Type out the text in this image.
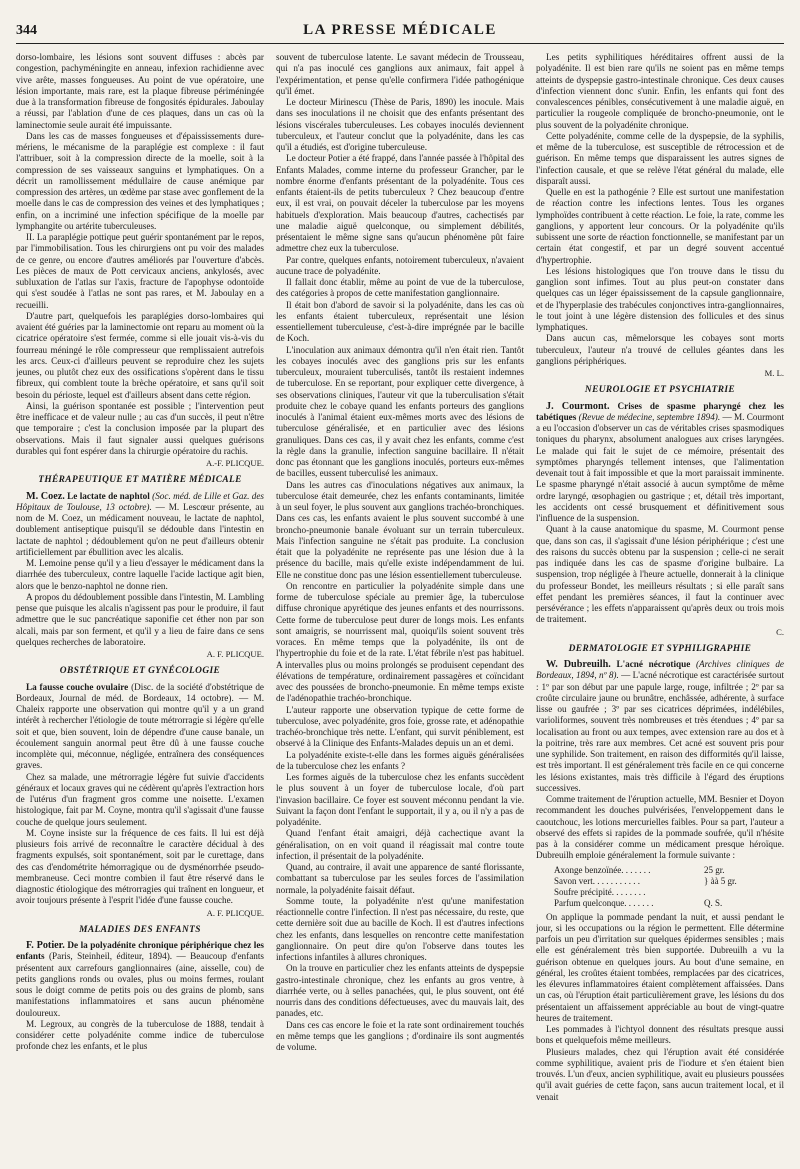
344	LA PRESSE MÉDICALE

dorso-lombaire, les lésions sont souvent diffuses : abcès par congestion, pachyméningite en anneau, infexion rachidienne avec vive arête, masses fongueuses. Au point de vue opératoire, une lésion importante, mais rare, est la plaque fibreuse périméningée due à la transformation fibreuse de fongosités épidurales. Jaboulay a réussi, par l'ablation d'une de ces plaques, dans un cas où la laminectomie seule aurait été impuissante.

Dans les cas de masses fongueuses et d'épaississements dure-mériens, le mécanisme de la paraplégie est complexe : il faut l'attribuer, soit à la compression directe de la moelle, soit à la compression de ses vaisseaux sanguins et lymphatiques. On a décrit un ramollissement médullaire de cause anémique par compression des artères, un œdème par stase avec gonflement de la moelle dans le cas de compression des veines et des lymphatiques ; enfin, on a incriminé une infection spécifique de la moelle par lymphangite ou artérite tuberculeuses.

II. La paraplégie pottique peut guérir spontanément par le repos, par l'immobilisation. Tous les chirurgiens ont pu voir des malades de ce genre, ou encore d'autres améliorés par l'ouverture d'abcès. Les pièces de maux de Pott cervicaux anciens, ankylosés, avec subluxation de l'atlas sur l'axis, fracture de l'apophyse odontoïde qui s'est soudée à l'atlas ne sont pas rares, et M. Jaboulay en a recueilli.

D'autre part, quelquefois les paraplégies dorso-lombaires qui avaient été guéries par la laminectomie ont reparu au moment où la cicatrice opératoire s'est fermée, comme si elle jouait vis-à-vis du fourreau méningé le rôle compresseur que remplissaient autrefois les arcs. Ceux-ci d'ailleurs peuvent se reproduire chez les sujets jeunes, ou plutôt chez eux des ossifications s'opèrent dans le tissu fibreux, qui comblent toute la brèche opératoire, et sans qu'il soit besoin du périoste, lequel est d'ailleurs absent dans cette région.

Ainsi, la guérison spontanée est possible ; l'intervention peut être inefficace et de valeur nulle ; au cas d'un succès, il peut n'être que temporaire ; c'est la conclusion imposée par la plupart des observations. Mais il faut signaler aussi quelques guérisons durables qui font espérer dans la chirurgie opératoire du rachis.

A.-F. PLICQUE.
THÉRAPEUTIQUE ET MATIÈRE MÉDICALE

M. Coez. Le lactate de naphtol (Soc. méd. de Lille et Gaz. des Hôpitaux de Toulouse, 13 octobre). — M. Lescœur présente, au nom de M. Coez, un médicament nouveau, le lactate de naphtol, doublement antiseptique puisqu'il se dédouble dans l'intestin en lactate de naphtol ; dédoublement qu'on ne peut d'ailleurs obtenir artificiellement par ébullition avec les alcalis.

M. Lemoine pense qu'il y a lieu d'essayer le médicament dans la diarrhée des tuberculeux, contre laquelle l'acide lactique agit bien, alors que le benzo-naphtol ne donne rien.

A propos du dédoublement possible dans l'intestin, M. Lambling pense que puisque les alcalis n'agissent pas pour le produire, il faut admettre que le suc pancréatique saponifie cet éther non par son alcali, mais par son ferment, et qu'il y a lieu de faire dans ce sens quelques recherches de laboratoire.

A. F. PLICQUE.
OBSTÉTRIQUE ET GYNÉCOLOGIE

La fausse couche ovulaire (Disc. de la société d'obstétrique de Bordeaux, Journal de méd. de Bordeaux, 14 octobre). — M. Chaleix rapporte une observation qui montre qu'il y a un grand intérêt à rechercher l'étiologie de toute métrorragie si légère qu'elle soit et que, bien souvent, loin de dépendre d'une cause banale, un écoulement sanguin anormal peut être dû à une fausse couche incomplète qui, méconnue, négligée, entraînera des conséquences graves.

Chez sa malade, une métrorragie légère fut suivie d'accidents généraux et locaux graves qui ne cédèrent qu'après l'extraction hors de l'utérus d'un fragment gros comme une noisette. L'examen histologique, fait par M. Coyne, montra qu'il s'agissait d'une fausse couche de quelque jours seulement.

M. Coyne insiste sur la fréquence de ces faits. Il lui est déjà plusieurs fois arrivé de reconnaître le caractère décidual à des fragments expulsés, soit spontanément, soit par le curettage, dans des cas d'endométrite hémorragique ou de dysménorrhée pseudo-membraneuse. Ceci montre combien il faut être réservé dans le diagnostic étiologique des métrorragies qui traînent en longueur, et avoir toujours présente à l'esprit l'idée d'une fausse couche.

A. F. PLICQUE.
MALADIES DES ENFANTS

F. Potier. De la polyadénite chronique périphérique chez les enfants (Paris, Steinheil, éditeur, 1894). — Beaucoup d'enfants présentent aux carrefours ganglionnaires (aine, aisselle, cou) de petits ganglions ronds ou ovales, plus ou moins fermes, roulant sous le doigt comme de petits pois ou des grains de plomb, sans manifestations inflammatoires et sans aucun phénomène douloureux.

M. Legroux, au congrès de la tuberculose de 1888, tendait à considérer cette polyadénite comme indice de tuberculose profonde chez les enfants, et le plus

souvent de tuberculose latente. Le savant médecin de Trousseau, qui n'a pas inoculé ces ganglions aux animaux, fait appel à l'expérimentation, et pense qu'elle confirmera l'idée pathogénique qu'il émet.

Le docteur Mirinescu (Thèse de Paris, 1890) les inocule. Mais dans ses inoculations il ne choisit que des enfants présentant des lésions viscérales tuberculeuses. Les cobayes inoculés deviennent tuberculeux, et l'auteur conclut que la polyadénite, dans les cas qu'il a étudiés, est d'origine tuberculeuse.

Le docteur Potier a été frappé, dans l'année passée à l'hôpital des Enfants Malades, comme interne du professeur Grancher, par le nombre énorme d'enfants présentant de la polyadénite. Tous ces enfants étaient-ils de petits tuberculeux ? Chez beaucoup d'entre eux, il est vrai, on pouvait déceler la tuberculose par les moyens habituels d'exploration. Mais beaucoup d'autres, cachectisés par une maladie aiguë quelconque, ou simplement débilités, présentaient le même signe sans qu'aucun phénomène pût faire admettre chez eux la tuberculose.

Par contre, quelques enfants, notoirement tuberculeux, n'avaient aucune trace de polyadénite.

Il fallait donc établir, même au point de vue de la tuberculose, des catégories à propos de cette manifestation ganglionnaire.

Il était bon d'abord de savoir si la polyadénite, dans les cas où les enfants étaient tuberculeux, représentait une lésion essentiellement tuberculeuse, c'est-à-dire imprégnée par le bacille de Koch.

L'inoculation aux animaux démontra qu'il n'en était rien. Tantôt les cobayes inoculés avec des ganglions pris sur les enfants tuberculeux, mouraient tuberculisés, tantôt ils restaient indemnes de tuberculose. En se reportant, pour expliquer cette divergence, à ses observations cliniques, l'auteur vit que la tuberculisation s'était produite chez le cobaye quand les enfants porteurs des ganglions inoculés à l'animal étaient eux-mêmes morts avec des lésions de tuberculose généralisée, et en particulier avec des lésions granuliques. Dans ces cas, il y avait chez les enfants, comme c'est la règle dans la granulie, infection sanguine bacillaire. Il n'était donc pas étonnant que les ganglions inoculés, porteurs eux-mêmes de bacilles, eussent tuberculisé les animaux.

Dans les autres cas d'inoculations négatives aux animaux, la tuberculose était demeurée, chez les enfants contaminants, limitée à un seul foyer, le plus souvent aux ganglions trachéo-bronchiques. Dans ces cas, les enfants avaient le plus souvent succombé à une broncho-pneumonie banale évoluant sur un terrain tuberculeux. Mais l'infection sanguine ne s'était pas produite. La conclusion était que la polyadénite ne représente pas une lésion due à la présence du bacille, mais qu'elle existe indépendamment de lui. Elle ne constitue donc pas une lésion essentiellement tuberculeuse.

On rencontre en particulier la polyadénite simple dans une forme de tuberculose spéciale au premier âge, la tuberculose diffuse chronique apyrétique des jeunes enfants et des nourrissons. Cette forme de tuberculose peut durer de longs mois. Les enfants sont amaigris, se nourrissent mal, quoiqu'ils soient souvent très voraces. En même temps que la polyadénite, ils ont de l'hypertrophie du foie et de la rate. L'état fébrile n'est pas habituel. A intervalles plus ou moins prolongés se produisent cependant des élévations de température, ordinairement passagères et coïncidant avec des poussées de broncho-pneumonie. En même temps existe de l'adénopathie trachéo-bronchique.

L'auteur rapporte une observation typique de cette forme de tuberculose, avec polyadénite, gros foie, grosse rate, et adénopathie trachéo-bronchique très nette. L'enfant, qui survit péniblement, est observé à la Clinique des Enfants-Malades depuis un an et demi.

La polyadénite existe-t-elle dans les formes aiguës généralisées de la tuberculose chez les enfants ?

Les formes aiguës de la tuberculose chez les enfants succèdent le plus souvent à un foyer de tuberculose locale, d'où part l'invasion bacillaire. Ce foyer est souvent méconnu pendant la vie. Suivant la façon dont l'enfant le supportait, il y a, ou il n'y a pas de polyadénite.

Quand l'enfant était amaigri, déjà cachectique avant la généralisation, on en voit quand il réagissait mal contre toute infection, il présentait de la polyadénite.

Quand, au contraire, il avait une apparence de santé florissante, combattant sa tuberculose par les seules forces de l'assimilation normale, la polyadénite faisait défaut.

Somme toute, la polyadénite n'est qu'une manifestation réactionnelle contre l'infection. Il n'est pas nécessaire, du reste, que cette dernière soit due au bacille de Koch. Il est d'autres infections chez les enfants, dans lesquelles on rencontre cette manifestation ganglionnaire. On peut dire qu'on l'observe dans toutes les infections infantiles à allures chroniques.

On la trouve en particulier chez les enfants atteints de dyspepsie gastro-intestinale chronique, chez les enfants au gros ventre, à diarrhée verte, ou à selles panachées, qui, le plus souvent, ont été nourris dans des conditions défectueuses, avec du mauvais lait, des panades, etc.

Dans ces cas encore le foie et la rate sont ordinairement touchés en même temps que les ganglions ; d'ordinaire ils sont augmentés de volume.

Les petits syphilitiques héréditaires offrent aussi de la polyadénite. Il est bien rare qu'ils ne soient pas en même temps atteints de dyspepsie gastro-intestinale chronique. Ces deux causes d'infection viennent donc s'unir. Enfin, les enfants qui font des convalescences pénibles, consécutivement à une maladie aiguë, en particulier la rougeole compliquée de broncho-pneumonie, ont le plus souvent de la polyadénite chronique.

Cette polyadénite, comme celle de la dyspepsie, de la syphilis, et même de la tuberculose, est susceptible de rétrocession et de guérison. En même temps que disparaissent les autres signes de l'infection causale, et que se relève l'état général du malade, elle disparaît aussi.

Quelle en est la pathogénie ? Elle est surtout une manifestation de réaction contre les infections lentes. Tous les organes lymphoïdes contribuent à cette réaction. Le foie, la rate, comme les ganglions, y apportent leur concours. Or la polyadénite qu'ils subissent une sorte de réaction fonctionnelle, se manifestant par un certain état congestif, et par un degré souvent accentué d'hypertrophie.

Les lésions histologiques que l'on trouve dans le tissu du ganglion sont infimes. Tout au plus peut-on constater dans quelques cas un léger épaississement de la capsule ganglionnaire, et de l'hyperplasie des trabécules conjonctives intra-ganglionnaires, le tout joint à une légère distension des follicules et des sinus lymphatiques.

Dans aucun cas, mêmelorsque les cobayes sont morts tuberculeux, l'auteur n'a trouvé de cellules géantes dans les ganglions périphériques.

M. L.
NEUROLOGIE ET PSYCHIATRIE

J. Courmont. Crises de spasme pharyngé chez les tabétiques (Revue de médecine, septembre 1894). — M. Courmont a eu l'occasion d'observer un cas de véritables crises spasmodiques toniques du pharynx, absolument analogues aux crises laryngées. Le malade qui fait le sujet de ce mémoire, présentait des symptômes pharyngés tellement intenses, que l'alimentation devenait tout à fait impossible et que la mort paraissait imminente. Le spasme pharyngé n'était associé à aucun symptôme de même ordre laryngé, œsophagien ou gastrique ; et, détail très important, les accidents ont cessé brusquement et définitivement sous l'influence de la suspension.

Quant à la cause anatomique du spasme, M. Courmont pense que, dans son cas, il s'agissait d'une lésion périphérique ; c'est une des raisons du succès obtenu par la suspension ; celle-ci ne serait pas indiquée dans les cas de spasme d'origine bulbaire. La suspension, trop négligée à l'heure actuelle, donnerait à la clinique du professeur Bondet, les meilleurs résultats ; si elle paraît sans effet pendant les premières séances, il faut la continuer avec persévérance ; les effets n'apparaissent qu'après deux ou trois mois de traitement.

C.
DERMATOLOGIE ET SYPHILIGRAPHIE

W. Dubreuilh. L'acné nécrotique (Archives cliniques de Bordeaux, 1894, nº 8). — L'acné nécrotique est caractérisée surtout : 1º par son début par une papule large, rouge, infiltrée ; 2º par sa croûte circulaire jaune ou brunâtre, enchâssée, adhérente, à surface lisse ou gaufrée ; 3º par ses cicatrices déprimées, indélébiles, varioliformes, souvent très nombreuses et très étendues ; 4º par sa localisation au front ou aux tempes, avec extension rare au dos et à la poitrine, très rare aux membres. Cet acné est souvent pris pour une syphilide. Son traitement, en raison des difformités qu'il laisse, est très important. Il est généralement très facile en ce qui concerne les lésions existantes, mais très difficile à l'égard des éruptions successives.

Comme traitement de l'éruption actuelle, MM. Besnier et Doyon recommandent les douches pulvérisées, l'enveloppement dans le caoutchouc, les lotions mercurielles faibles. Pour sa part, l'auteur a observé des effets si rapides de la pommade soufrée, qu'il n'hésite pas à la considérer comme un médicament presque héroïque. Dubreuilh emploie généralement la formule suivante :

Axonge benzoïnée. . . . . . .	25 gr.
Savon vert. . . . . . . . . . .	} àà 5 gr.
Soufre précipité. . . . . . . .
Parfum quelconque. . . . . . .	Q. S.

On applique la pommade pendant la nuit, et aussi pendant le jour, si les occupations ou la région le permettent. Elle détermine parfois un peu d'irritation sur quelques épidermes sensibles ; mais elle est généralement très bien supportée. Dubreuilh a vu la guérison obtenue en quelques jours. Au bout d'une semaine, en général, les croûtes étaient tombées, remplacées par des cicatrices, les élevures inflammatoires étaient complètement affaissées. Dans un cas, où l'éruption était particulièrement grave, les lésions du dos présentaient un affaissement appréciable au bout de vingt-quatre heures de traitement.

Les pommades à l'ichtyol donnent des résultats presque aussi bons et quelquefois même meilleurs.

Plusieurs malades, chez qui l'éruption avait été considérée comme syphilitique, avaient pris de l'iodure et s'en étaient bien trouvés. L'un d'eux, ancien syphilitique, avait eu plusieurs poussées qu'il avait guéries de cette façon, sans aucun traitement local, et il venait
